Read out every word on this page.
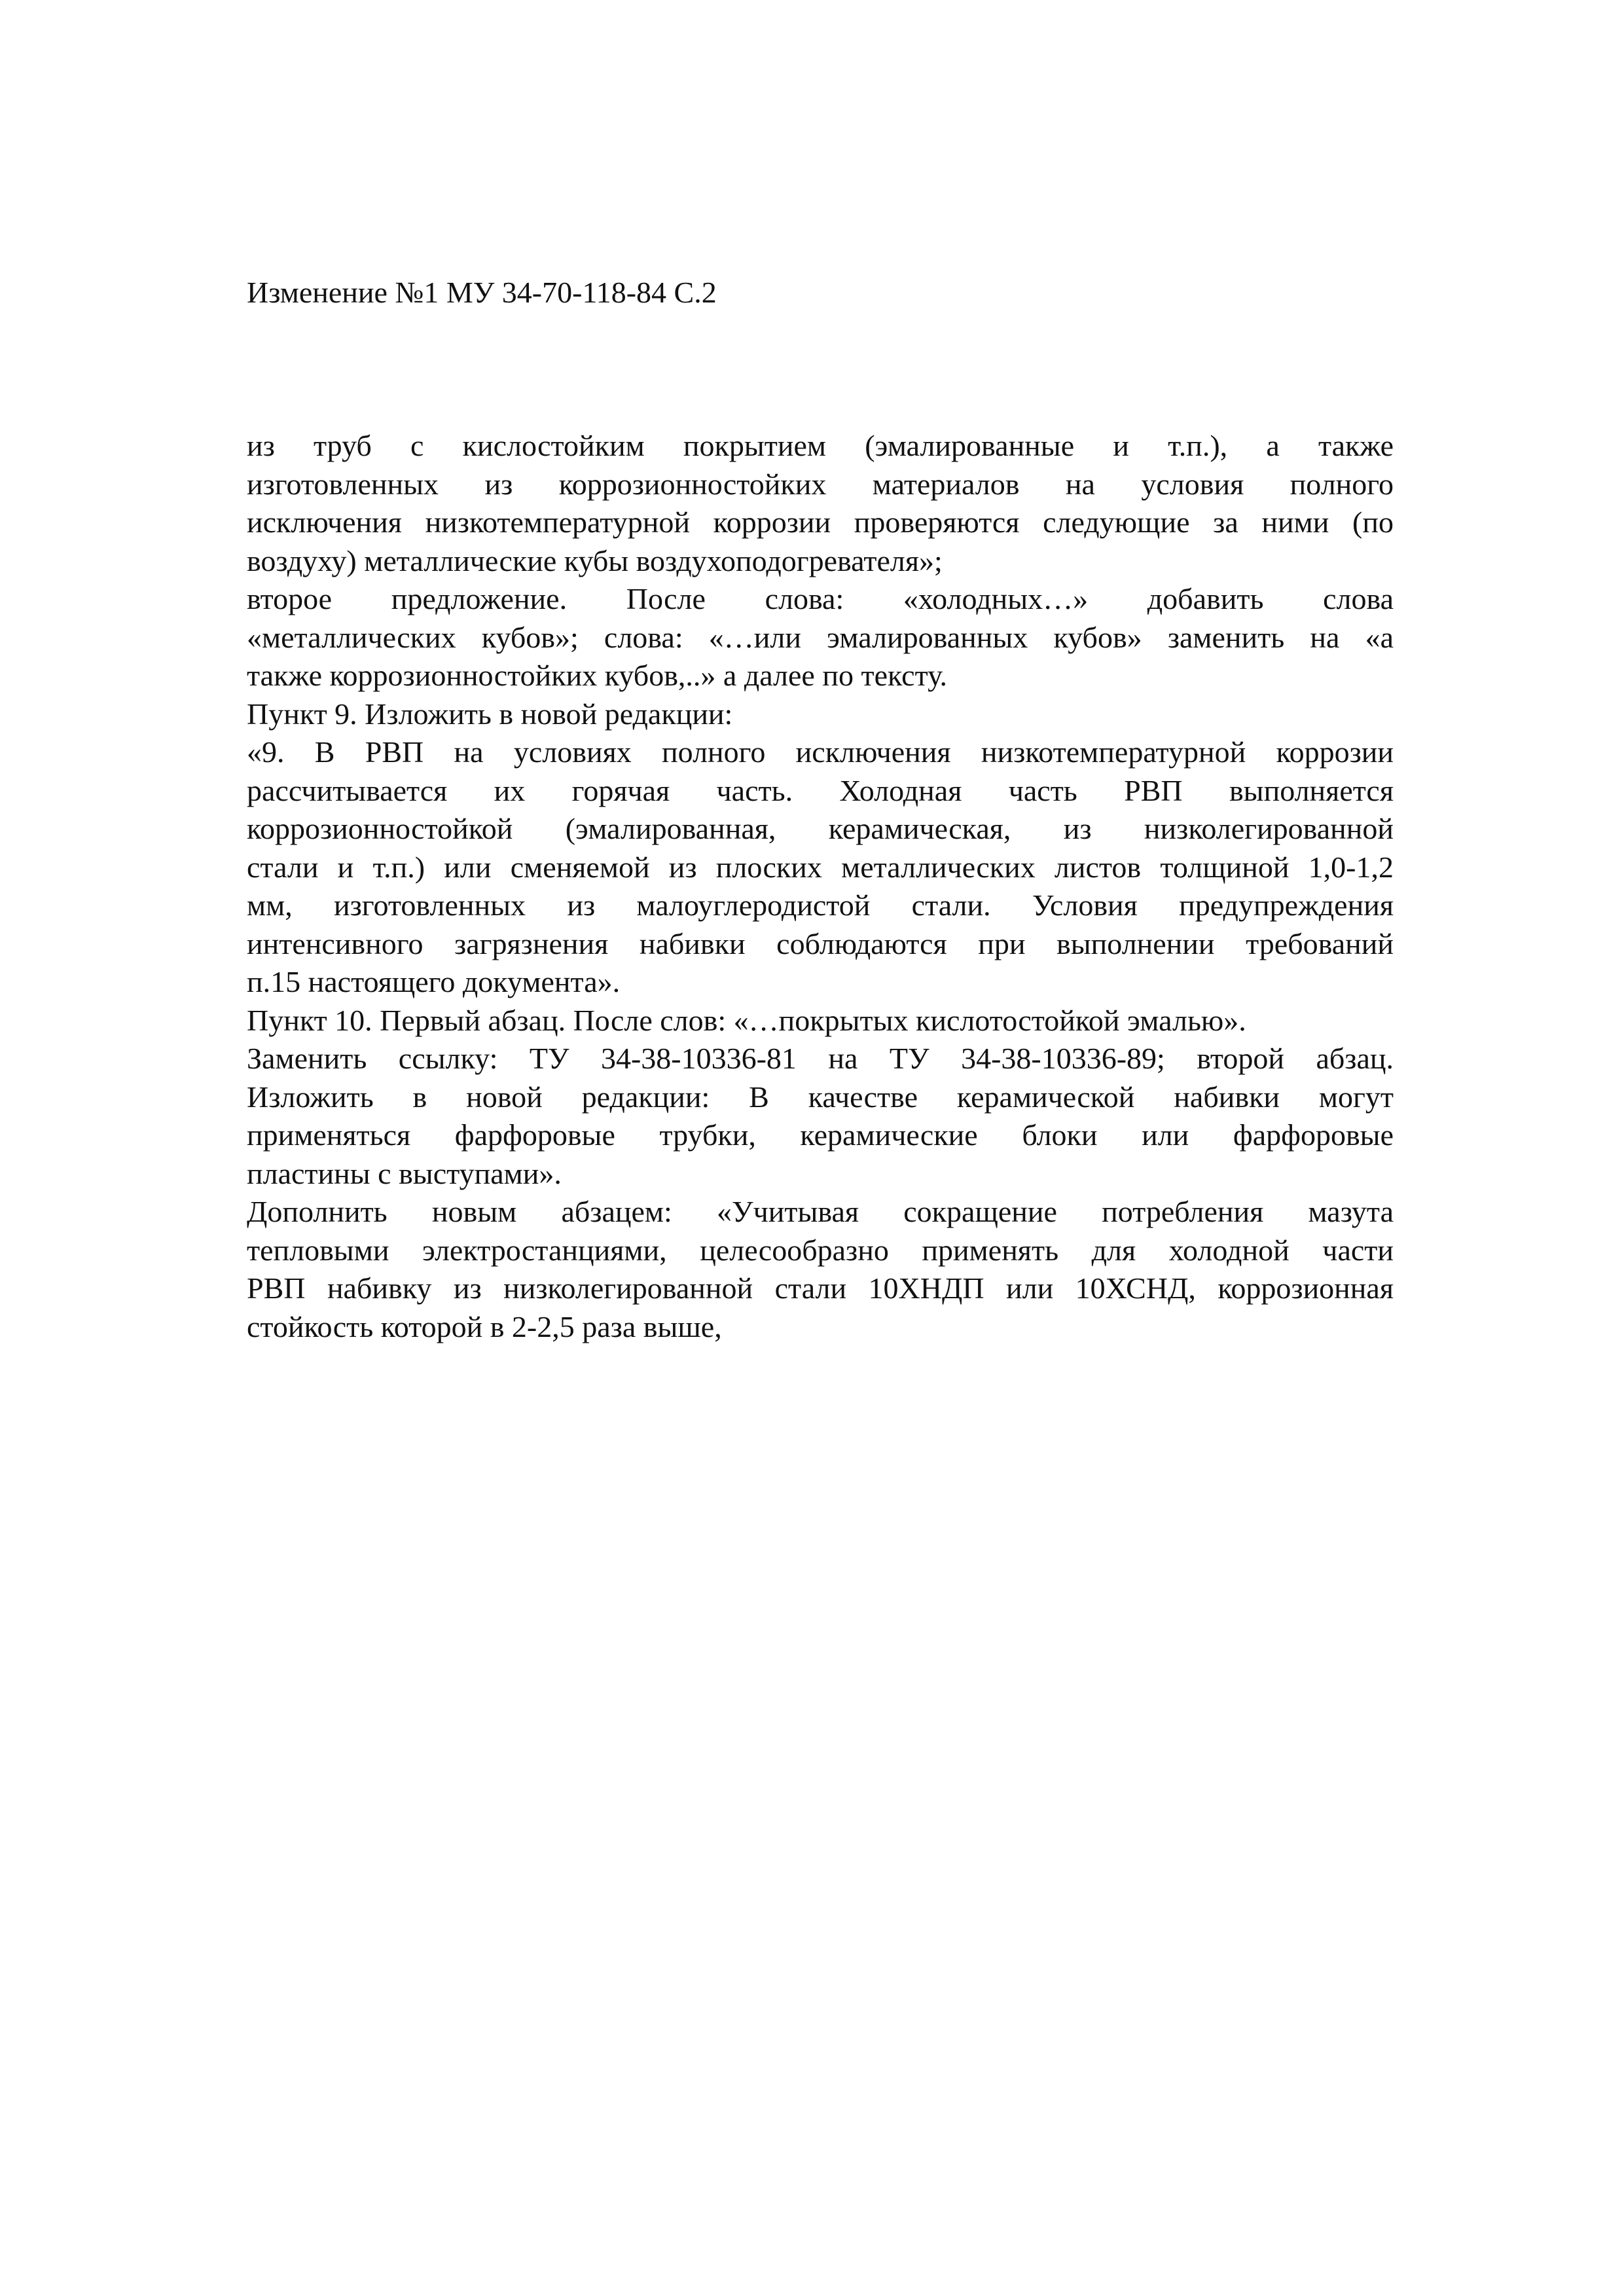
Изменение №1 МУ 34-70-118-84 С.2
из труб с кислостойким покрытием (эмалированные и т.п.), а также
изготовленных из коррозионностойких материалов на условия полного
исключения низкотемпературной коррозии проверяются следующие за ними (по
воздуху) металлические кубы воздухоподогревателя»;
второе предложение. После слова: «холодных…» добавить слова
«металлических кубов»; слова: «…или эмалированных кубов» заменить на «а
также коррозионностойких кубов,..» а далее по тексту.
Пункт 9. Изложить в новой редакции:
«9. В РВП на условиях полного исключения низкотемпературной коррозии
рассчитывается их горячая часть. Холодная часть РВП выполняется
коррозионностойкой (эмалированная, керамическая, из низколегированной
стали и т.п.) или сменяемой из плоских металлических листов толщиной 1,0-1,2
мм, изготовленных из малоуглеродистой стали. Условия предупреждения
интенсивного загрязнения набивки соблюдаются при выполнении требований
п.15 настоящего документа».
Пункт 10. Первый абзац. После слов: «…покрытых кислотостойкой эмалью».
Заменить ссылку: ТУ 34-38-10336-81 на ТУ 34-38-10336-89; второй абзац.
Изложить в новой редакции: В качестве керамической набивки могут
применяться фарфоровые трубки, керамические блоки или фарфоровые
пластины с выступами».
Дополнить новым абзацем: «Учитывая сокращение потребления мазута
тепловыми электростанциями, целесообразно применять для холодной части
РВП набивку из низколегированной стали 10ХНДП или 10ХСНД, коррозионная
стойкость которой в 2-2,5 раза выше,
